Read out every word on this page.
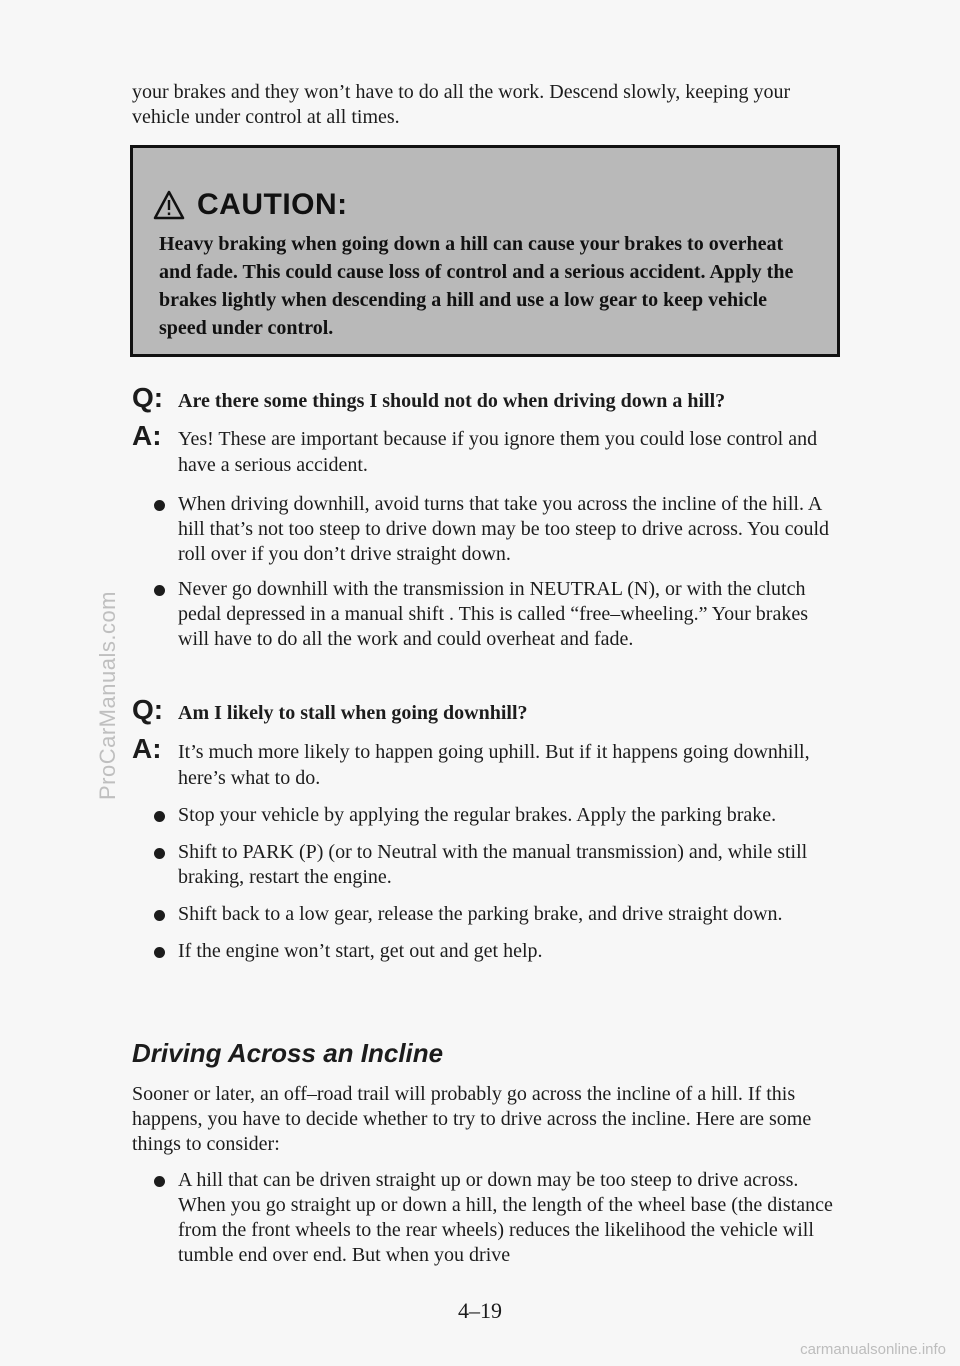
ProCarManuals.com

your brakes and they won’t have to do all the work. Descend slowly, keeping your vehicle under control at all times.

CAUTION:
Heavy braking when going down a hill can cause your brakes to overheat and fade. This could cause loss of control and a serious accident. Apply the brakes lightly when descending a hill and use a low gear to keep vehicle speed under control.
Q: Are there some things I should not do when driving down a hill?
A: Yes! These are important because if you ignore them you could lose control and have a serious accident.
When driving downhill, avoid turns that take you across the incline of the hill. A hill that’s not too steep to drive down may be too steep to drive across. You could roll over if you don’t drive straight down.
Never go downhill with the transmission in NEUTRAL (N), or with the clutch pedal depressed in a manual shift . This is called “free–wheeling.” Your brakes will have to do all the work and could overheat and fade.
Q: Am I likely to stall when going downhill?
A: It’s much more likely to happen going uphill. But if it happens going downhill, here’s what to do.
Stop your vehicle by applying the regular brakes. Apply the parking brake.
Shift to PARK (P) (or to Neutral with the manual transmission) and, while still braking, restart the engine.
Shift back to a low gear, release the parking brake, and drive straight down.
If the engine won’t start, get out and get help.
Driving Across an Incline

Sooner or later, an off–road trail will probably go across the incline of a hill. If this happens, you have to decide whether to try to drive across the incline. Here are some things to consider:

A hill that can be driven straight up or down may be too steep to drive across. When you go straight up or down a hill, the length of the wheel base (the distance from the front wheels to the rear wheels) reduces the likelihood the vehicle will tumble end over end. But when you drive
4–19
carmanualsonline.info
